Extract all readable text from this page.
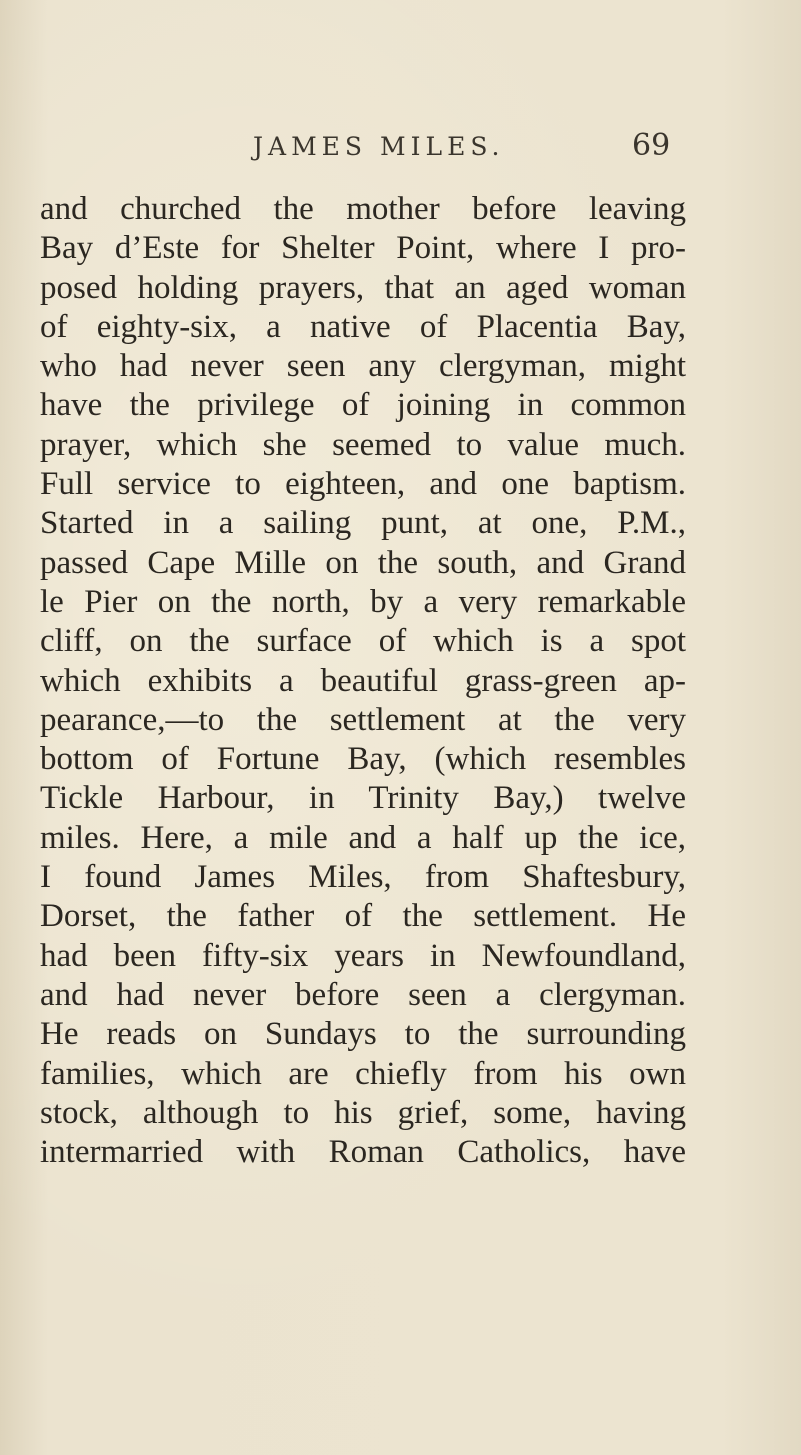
JAMES MILES.	69
and churched the mother before leaving
Bay d’Este for Shelter Point, where I pro-
posed holding prayers, that an aged woman
of eighty-six, a native of Placentia Bay,
who had never seen any clergyman, might
have the privilege of joining in common
prayer, which she seemed to value much.
Full service to eighteen, and one baptism.
Started in a sailing punt, at one, P.M.,
passed Cape Mille on the south, and Grand
le Pier on the north, by a very remarkable
cliff, on the surface of which is a spot
which exhibits a beautiful grass-green ap-
pearance,—to the settlement at the very
bottom of Fortune Bay, (which resembles
Tickle Harbour, in Trinity Bay,) twelve
miles. Here, a mile and a half up the ice,
I found James Miles, from Shaftesbury,
Dorset, the father of the settlement. He
had been fifty-six years in Newfoundland,
and had never before seen a clergyman.
He reads on Sundays to the surrounding
families, which are chiefly from his own
stock, although to his grief, some, having
intermarried with Roman Catholics, have
